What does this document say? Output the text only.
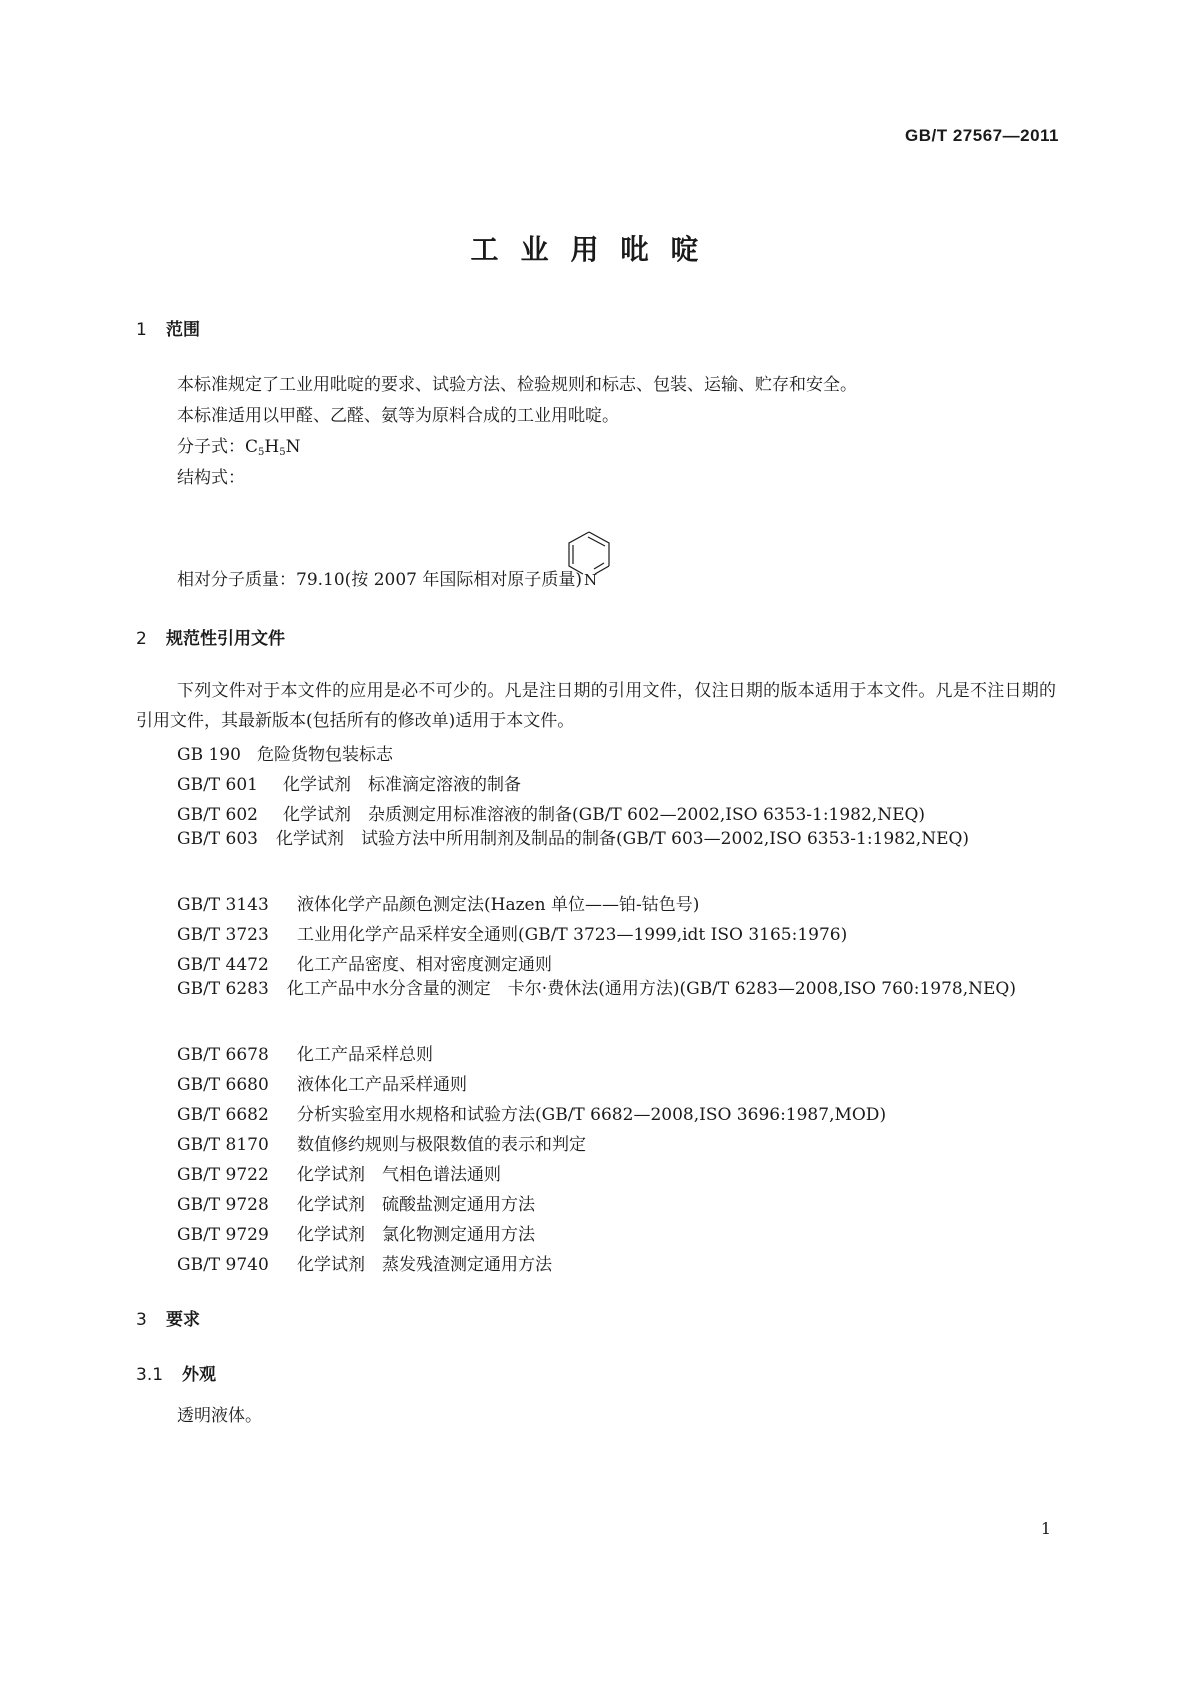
GB/T 27567—2011
工业用吡啶
1 范围
本标准规定了工业用吡啶的要求、试验方法、检验规则和标志、包装、运输、贮存和安全。
本标准适用以甲醛、乙醛、氨等为原料合成的工业用吡啶。
分子式：$C_5H_5N$
结构式：
N
相对分子质量：79.10(按 2007 年国际相对原子质量)
2 规范性引用文件
下列文件对于本文件的应用是必不可少的。凡是注日期的引用文件，仅注日期的版本适用于本文件。凡是不注日期的引用文件，其最新版本(包括所有的修改单)适用于本文件。
GB 190 危险货物包装标志
GB/T 601 化学试剂　标准滴定溶液的制备
GB/T 602 化学试剂　杂质测定用标准溶液的制备(GB/T 602—2002,ISO 6353-1:1982,NEQ)
GB/T 603 化学试剂　试验方法中所用制剂及制品的制备(GB/T 603—2002,ISO 6353-1:1982,NEQ)
GB/T 3143 液体化学产品颜色测定法(Hazen 单位——铂-钴色号)
GB/T 3723 工业用化学产品采样安全通则(GB/T 3723—1999,idt ISO 3165:1976)
GB/T 4472 化工产品密度、相对密度测定通则
GB/T 6283 化工产品中水分含量的测定　卡尔·费休法(通用方法)(GB/T 6283—2008,ISO 760:1978,NEQ)
GB/T 6678 化工产品采样总则
GB/T 6680 液体化工产品采样通则
GB/T 6682 分析实验室用水规格和试验方法(GB/T 6682—2008,ISO 3696:1987,MOD)
GB/T 8170 数值修约规则与极限数值的表示和判定
GB/T 9722 化学试剂　气相色谱法通则
GB/T 9728 化学试剂　硫酸盐测定通用方法
GB/T 9729 化学试剂　氯化物测定通用方法
GB/T 9740 化学试剂　蒸发残渣测定通用方法
3 要求
3.1 外观
透明液体。
1
